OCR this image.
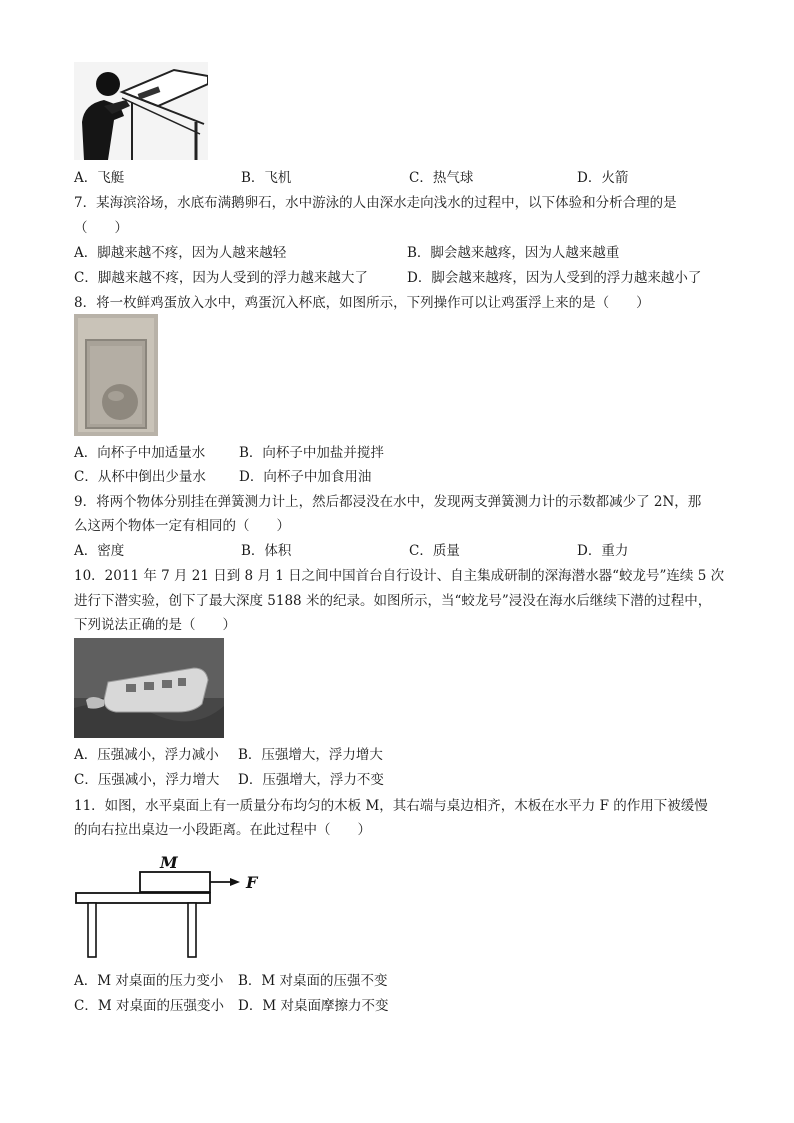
A．飞艇	B．飞机	C．热气球	D．火箭
7．某海滨浴场，水底布满鹅卵石，水中游泳的人由深水走向浅水的过程中，以下体验和分析合理的是
（　　）
A．脚越来越不疼，因为人越来越轻	B．脚会越来越疼，因为人越来越重
C．脚越来越不疼，因为人受到的浮力越来越大了	D．脚会越来越疼，因为人受到的浮力越来越小了
8．将一枚鲜鸡蛋放入水中，鸡蛋沉入杯底，如图所示，下列操作可以让鸡蛋浮上来的是（　　）
A．向杯子中加适量水	B．向杯子中加盐并搅拌
C．从杯中倒出少量水 D．向杯子中加食用油
9．将两个物体分别挂在弹簧测力计上，然后都浸没在水中，发现两支弹簧测力计的示数都减少了 2N，那
么这两个物体一定有相同的（　　）
A．密度	B．体积	C．质量	D．重力
10．2011 年 7 月 21 日到 8 月 1 日之间中国首台自行设计、自主集成研制的深海潜水器“蛟龙号”连续 5 次
进行下潜实验，创下了最大深度 5188 米的纪录。如图所示，当“蛟龙号”浸没在海水后继续下潜的过程中，
下列说法正确的是（　　）
A．压强减小，浮力减小 B．压强增大，浮力增大
C．压强减小，浮力增大 D．压强增大，浮力不变
11．如图，水平桌面上有一质量分布均匀的木板 M，其右端与桌边相齐，木板在水平力 F 的作用下被缓慢
的向右拉出桌边一小段距离。在此过程中（　　）
M
F
A．M 对桌面的压力变小 B．M 对桌面的压强不变
C．M 对桌面的压强变小 D．M 对桌面摩擦力不变
